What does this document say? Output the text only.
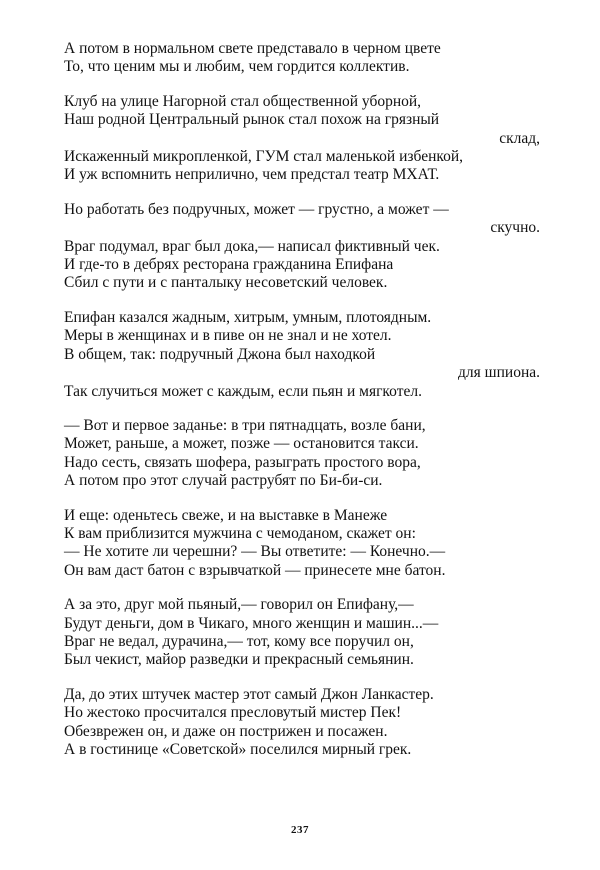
А потом в нормальном свете представало в черном цвете
То, что ценим мы и любим, чем гордится коллектив.
Клуб на улице Нагорной стал общественной уборной,
Наш родной Центральный рынок стал похож на грязный
склад,
Искаженный микропленкой, ГУМ стал маленькой избенкой,
И уж вспомнить неприлично, чем предстал театр МХАТ.
Но работать без подручных, может — грустно, а может —
скучно.
Враг подумал, враг был дока,— написал фиктивный чек.
И где-то в дебрях ресторана гражданина Епифана
Сбил с пути и с панталыку несоветский человек.
Епифан казался жадным, хитрым, умным, плотоядным.
Меры в женщинах и в пиве он не знал и не хотел.
В общем, так: подручный Джона был находкой
для шпиона.
Так случиться может с каждым, если пьян и мягкотел.
— Вот и первое заданье: в три пятнадцать, возле бани,
Может, раньше, а может, позже — остановится такси.
Надо сесть, связать шофера, разыграть простого вора,
А потом про этот случай раструбят по Би-би-си.
И еще: оденьтесь свеже, и на выставке в Манеже
К вам приблизится мужчина с чемоданом, скажет он:
— Не хотите ли черешни? — Вы ответите: — Конечно.—
Он вам даст батон с взрывчаткой — принесете мне батон.
А за это, друг мой пьяный,— говорил он Епифану,—
Будут деньги, дом в Чикаго, много женщин и машин...—
Враг не ведал, дурачина,— тот, кому все поручил он,
Был чекист, майор разведки и прекрасный семьянин.
Да, до этих штучек мастер этот самый Джон Ланкастер.
Но жестоко просчитался пресловутый мистер Пек!
Обезврежен он, и даже он пострижен и посажен.
А в гостинице «Советской» поселился мирный грек.
237
